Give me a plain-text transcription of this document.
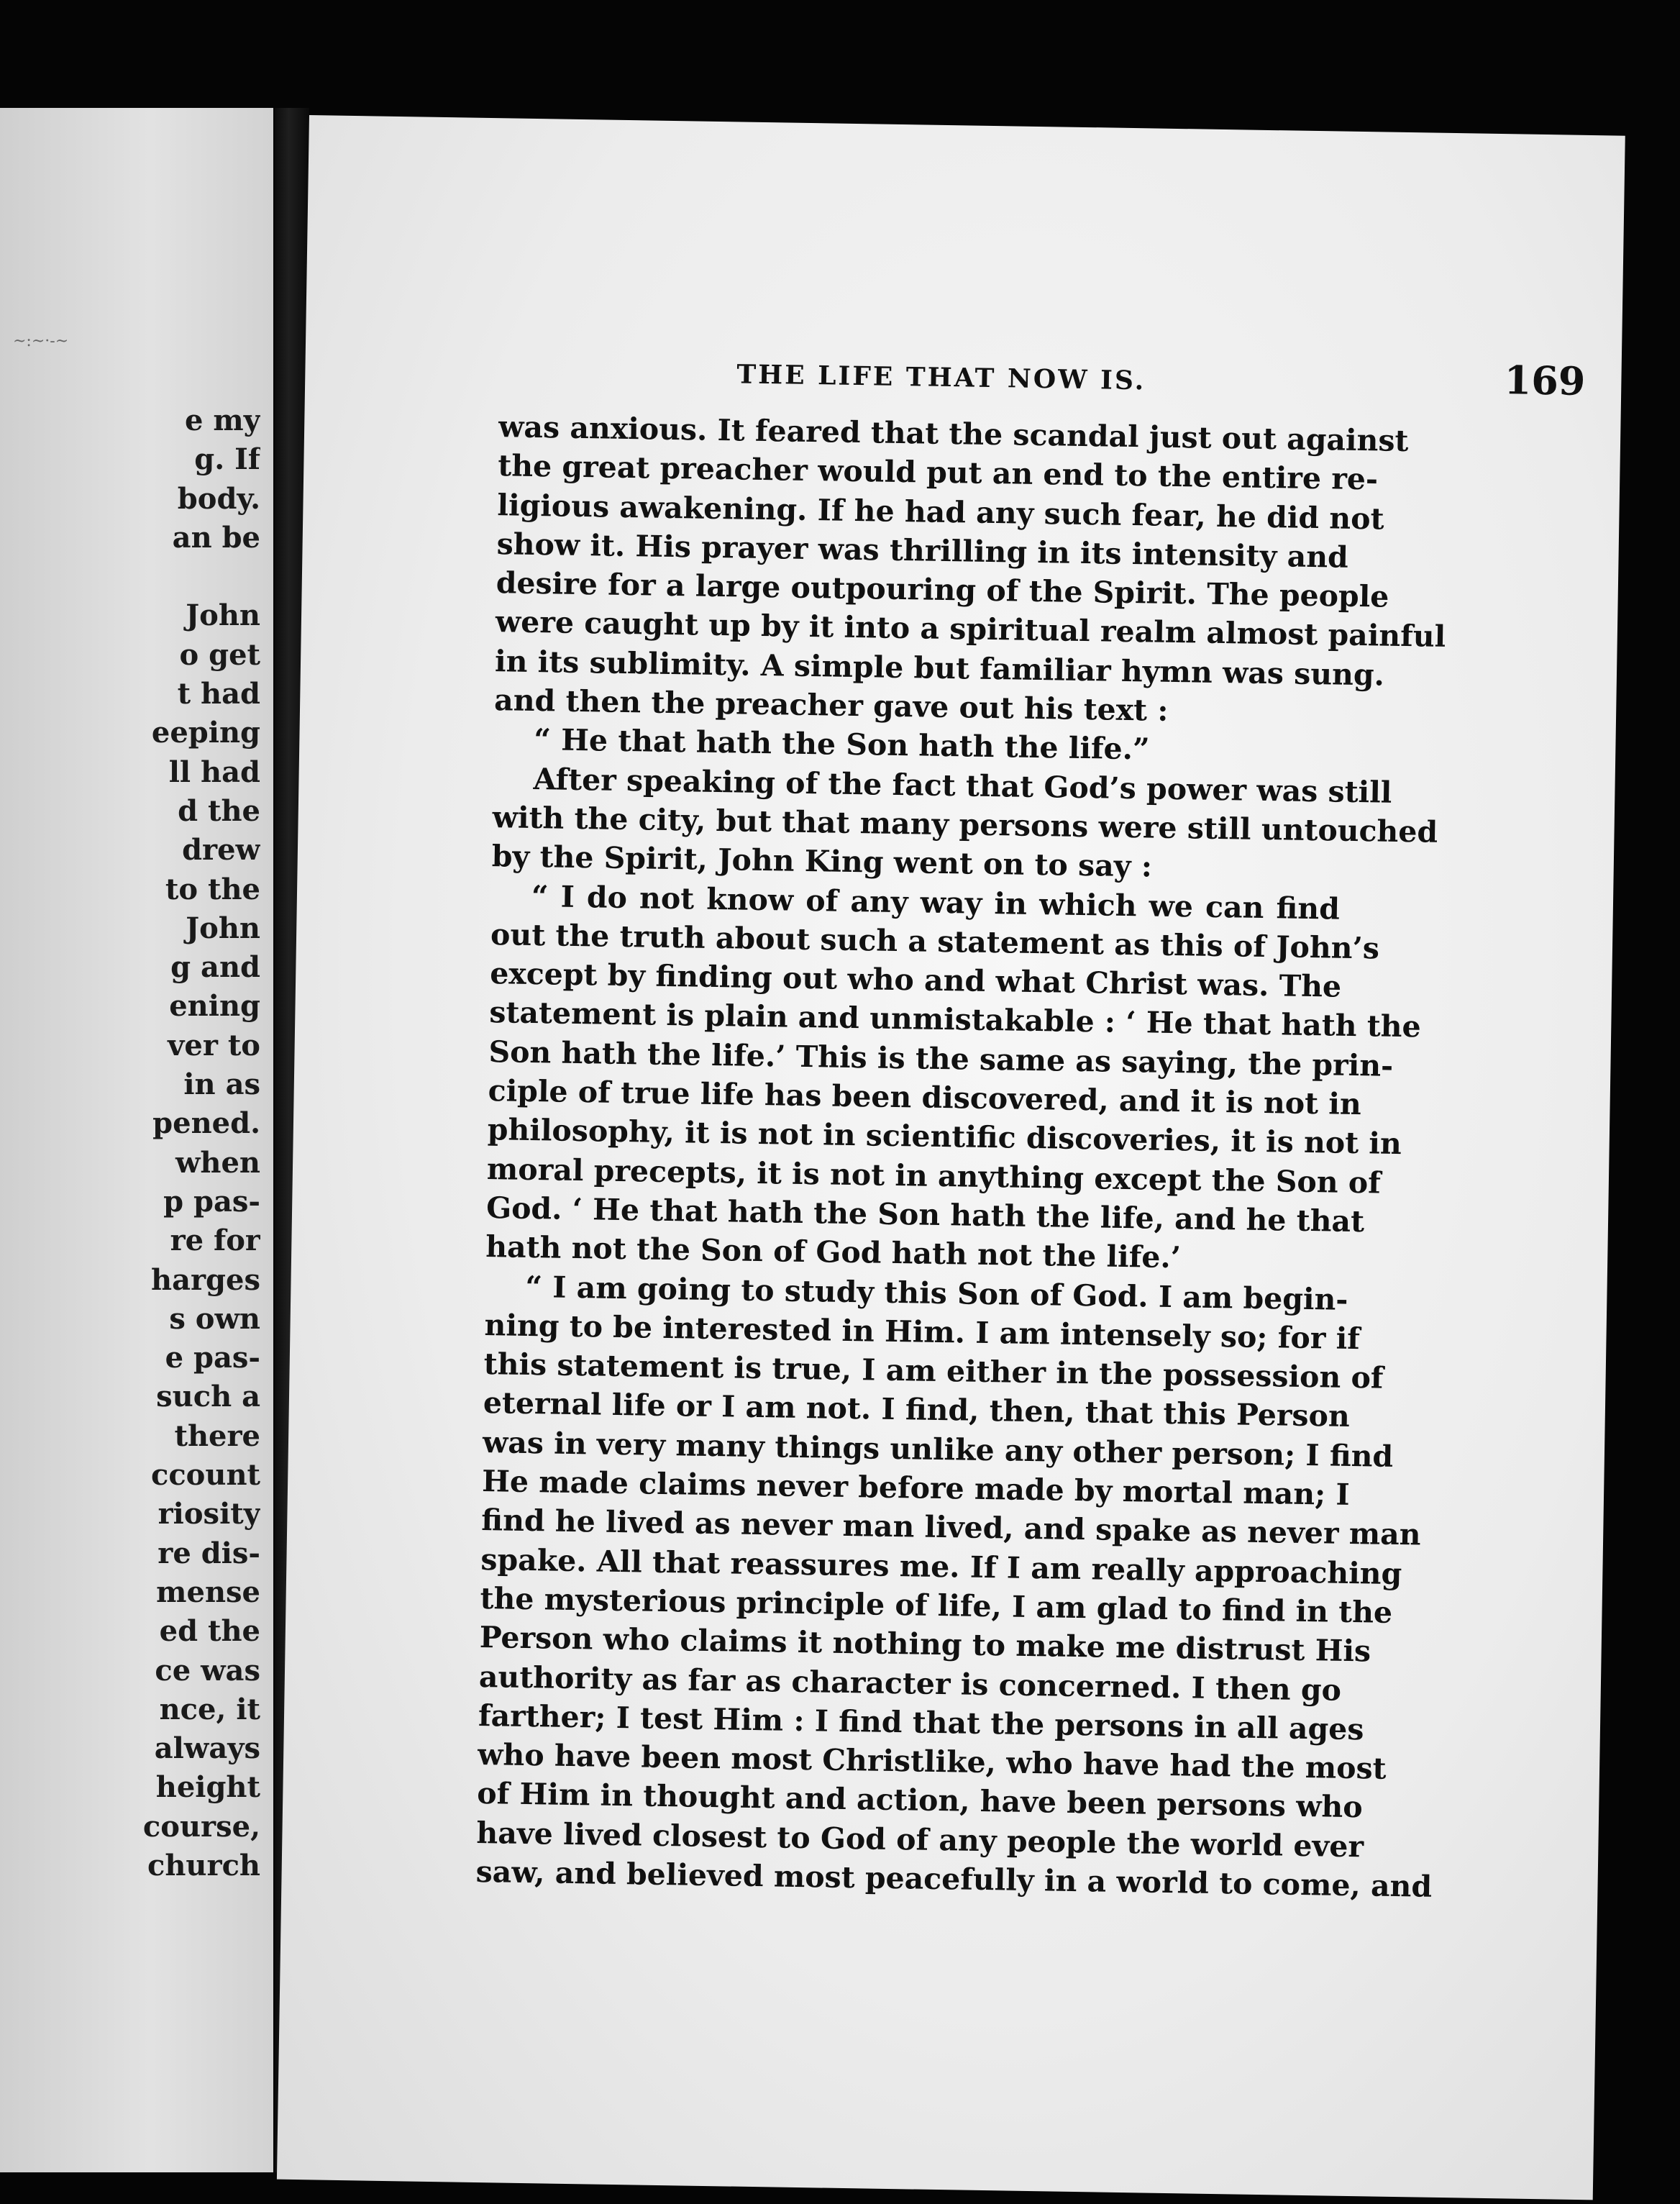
~:~·-~
e my
g. If
body.
an be
John
o get
t had
eeping
ll had
d the
drew
to the
John
g and
ening
ver to
in as
pened.
when
p pas-
re for
harges
s own
e pas-
such a
there
ccount
riosity
re dis-
mense
ed the
ce was
nce, it
always
height
course,
church
THE LIFE THAT NOW IS.	169
was anxious. It feared that the scandal just out against
the great preacher would put an end to the entire re-
ligious awakening. If he had any such fear, he did not
show it. His prayer was thrilling in its intensity and
desire for a large outpouring of the Spirit. The people
were caught up by it into a spiritual realm almost painful
in its sublimity. A simple but familiar hymn was sung.
and then the preacher gave out his text :
“ He that hath the Son hath the life.”
After speaking of the fact that God’s power was still
with the city, but that many persons were still untouched
by the Spirit, John King went on to say :
“ I do not know of any way in which we can find
out the truth about such a statement as this of John’s
except by finding out who and what Christ was. The
statement is plain and unmistakable : ‘ He that hath the
Son hath the life.’ This is the same as saying, the prin-
ciple of true life has been discovered, and it is not in
philosophy, it is not in scientific discoveries, it is not in
moral precepts, it is not in anything except the Son of
God. ‘ He that hath the Son hath the life, and he that
hath not the Son of God hath not the life.’
“ I am going to study this Son of God. I am begin-
ning to be interested in Him. I am intensely so; for if
this statement is true, I am either in the possession of
eternal life or I am not. I find, then, that this Person
was in very many things unlike any other person; I find
He made claims never before made by mortal man; I
find he lived as never man lived, and spake as never man
spake. All that reassures me. If I am really approaching
the mysterious principle of life, I am glad to find in the
Person who claims it nothing to make me distrust His
authority as far as character is concerned. I then go
farther; I test Him : I find that the persons in all ages
who have been most Christlike, who have had the most
of Him in thought and action, have been persons who
have lived closest to God of any people the world ever
saw, and believed most peacefully in a world to come, and
